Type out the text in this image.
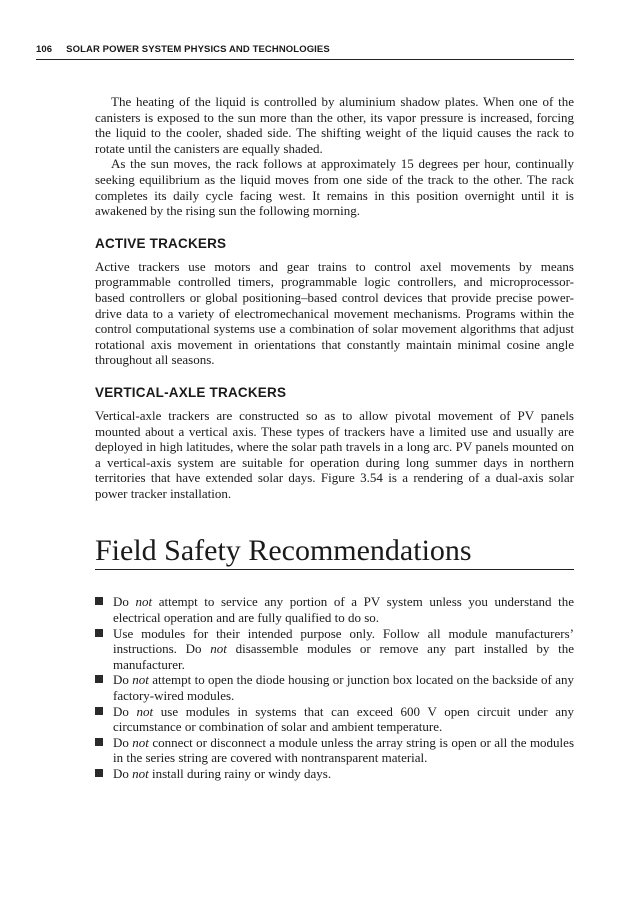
106 SOLAR POWER SYSTEM PHYSICS AND TECHNOLOGIES

The heating of the liquid is controlled by aluminium shadow plates. When one of the canisters is exposed to the sun more than the other, its vapor pressure is increased, forcing the liquid to the cooler, shaded side. The shifting weight of the liquid causes the rack to rotate until the canisters are equally shaded.

As the sun moves, the rack follows at approximately 15 degrees per hour, continually seeking equilibrium as the liquid moves from one side of the track to the other. The rack completes its daily cycle facing west. It remains in this position overnight until it is awakened by the rising sun the following morning.

ACTIVE TRACKERS

Active trackers use motors and gear trains to control axel movements by means programmable controlled timers, programmable logic controllers, and microprocessor-based controllers or global positioning–based control devices that provide precise power-drive data to a variety of electromechanical movement mechanisms. Programs within the control computational systems use a combination of solar movement algorithms that adjust rotational axis movement in orientations that constantly maintain minimal cosine angle throughout all seasons.

VERTICAL-AXLE TRACKERS

Vertical-axle trackers are constructed so as to allow pivotal movement of PV panels mounted about a vertical axis. These types of trackers have a limited use and usually are deployed in high latitudes, where the solar path travels in a long arc. PV panels mounted on a vertical-axis system are suitable for operation during long summer days in northern territories that have extended solar days. Figure 3.54 is a rendering of a dual-axis solar power tracker installation.

Field Safety Recommendations
Do not attempt to service any portion of a PV system unless you understand the electrical operation and are fully qualified to do so.
Use modules for their intended purpose only. Follow all module manufacturers’ instructions. Do not disassemble modules or remove any part installed by the manufacturer.
Do not attempt to open the diode housing or junction box located on the backside of any factory-wired modules.
Do not use modules in systems that can exceed 600 V open circuit under any circumstance or combination of solar and ambient temperature.
Do not connect or disconnect a module unless the array string is open or all the modules in the series string are covered with nontransparent material.
Do not install during rainy or windy days.
